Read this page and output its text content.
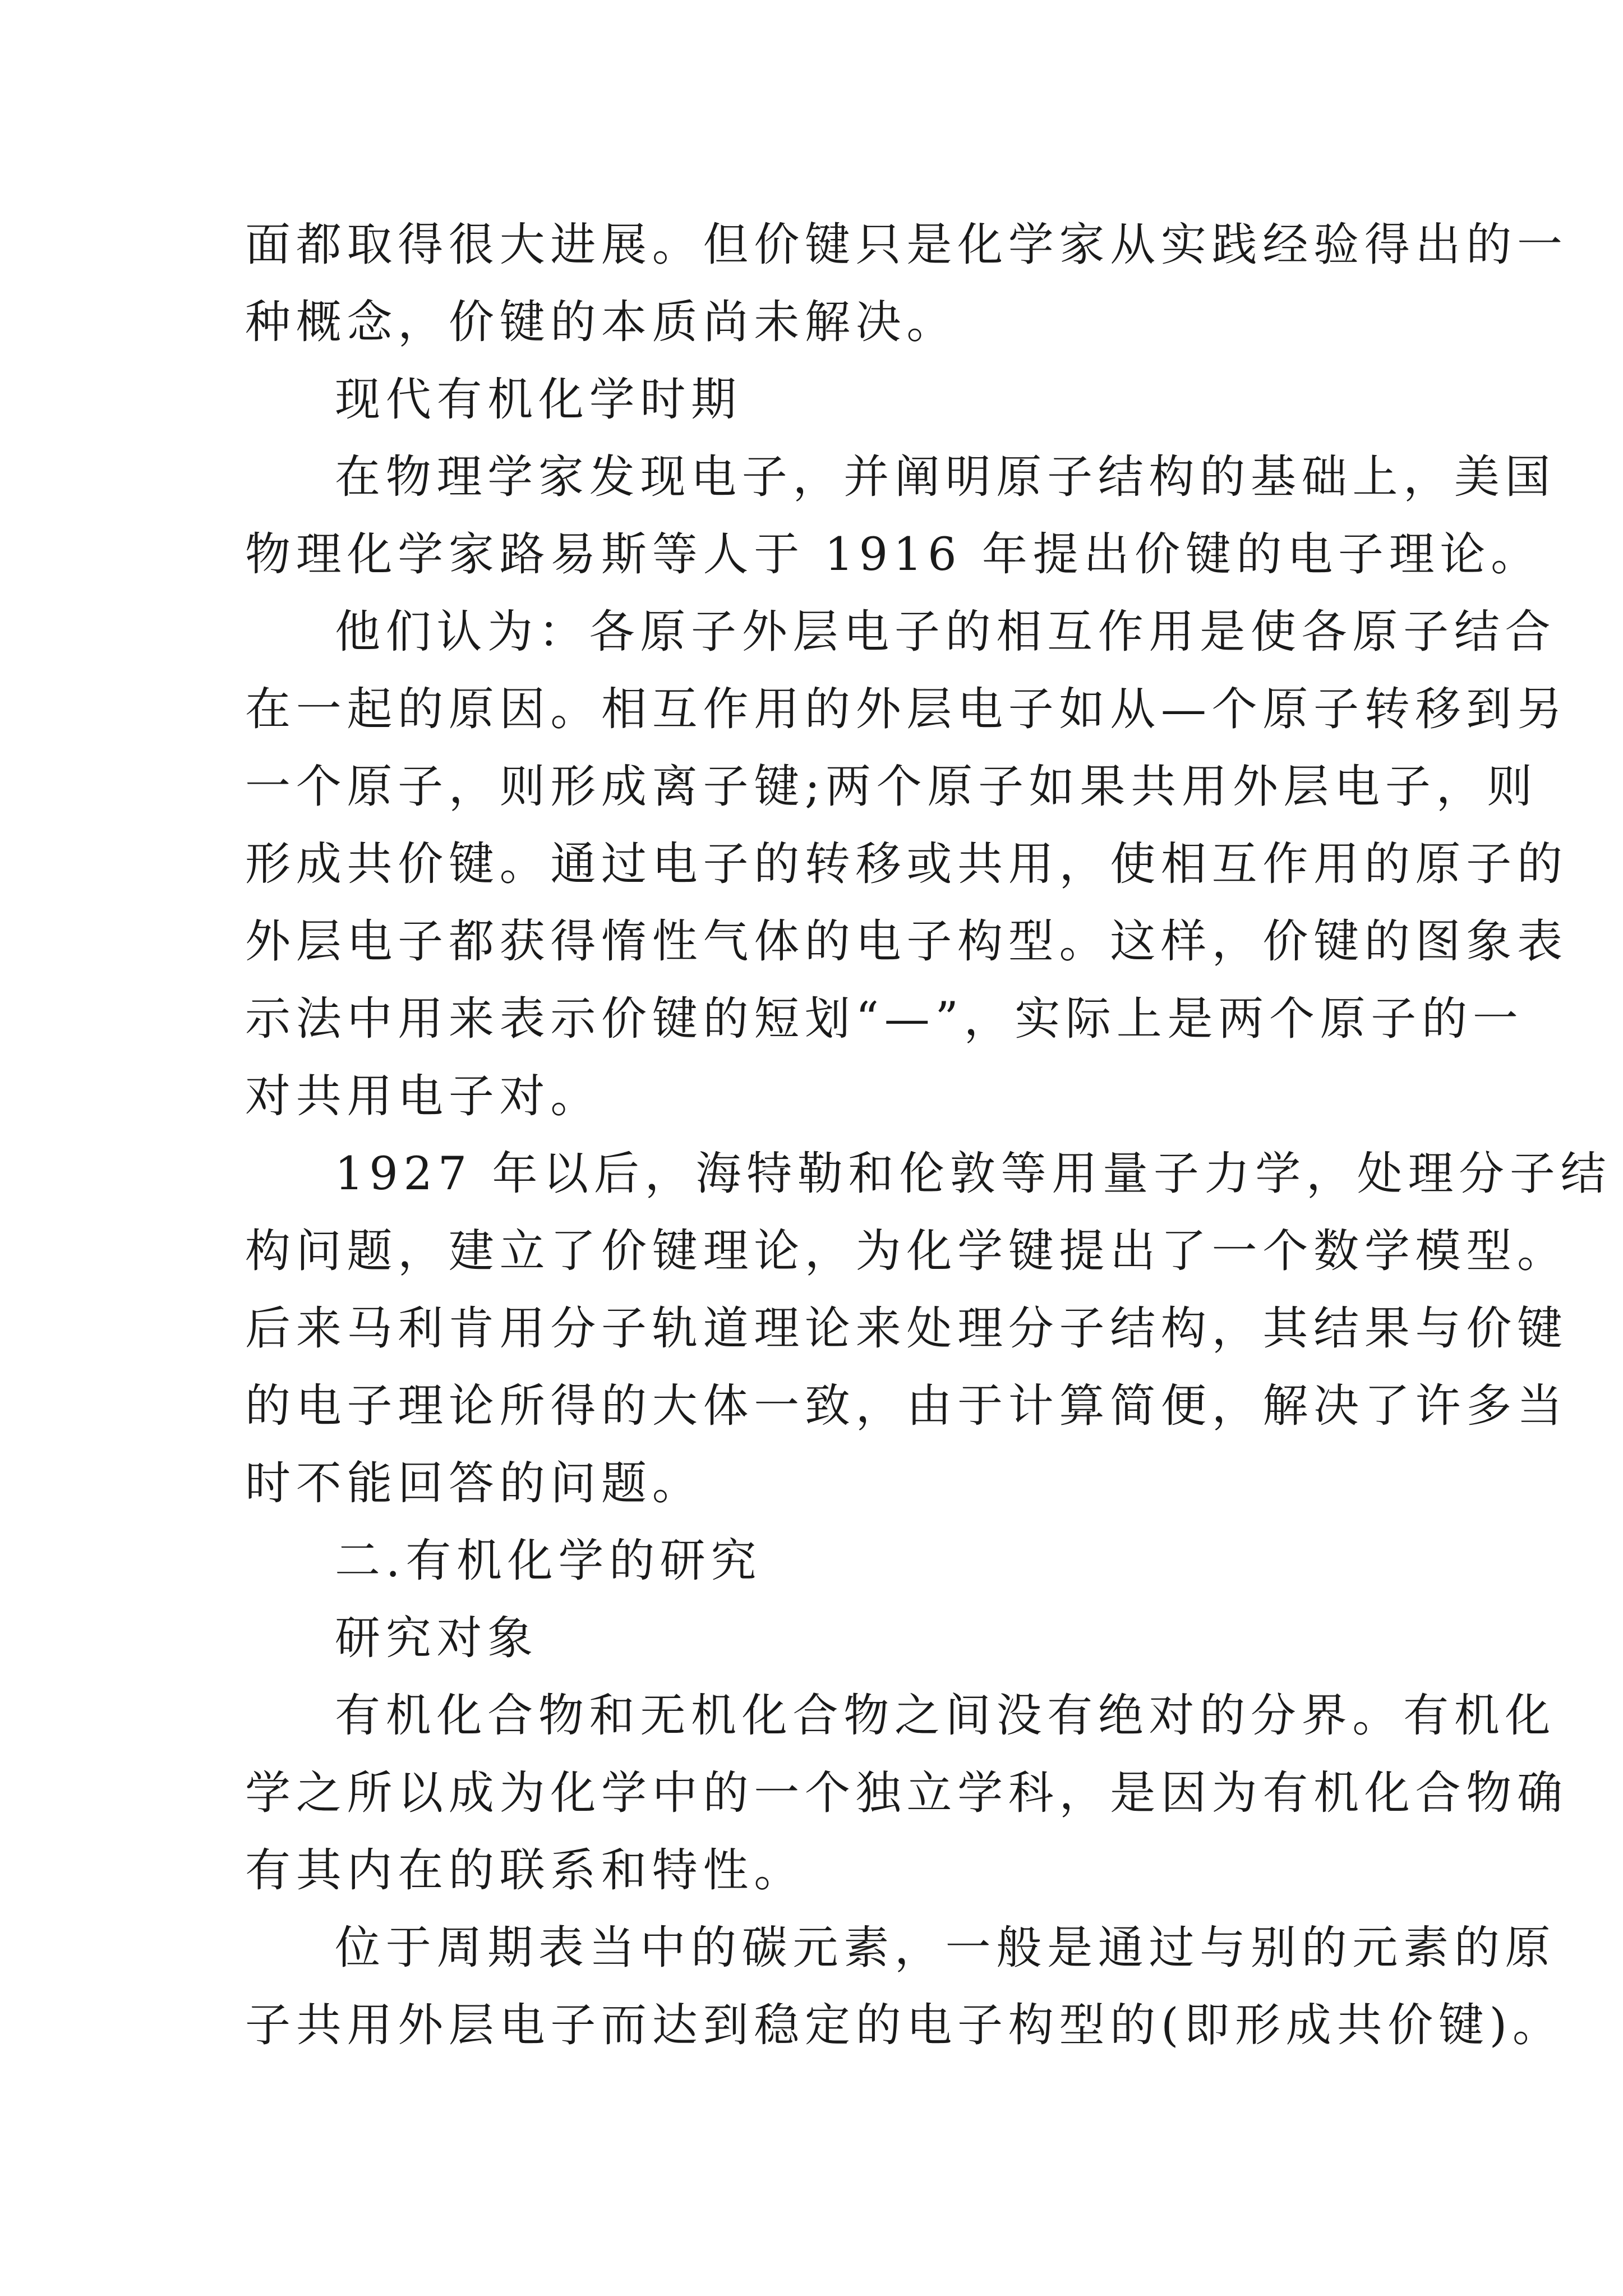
面都取得很大进展。但价键只是化学家从实践经验得出的一
种概念，价键的本质尚未解决。
现代有机化学时期
在物理学家发现电子，并阐明原子结构的基础上，美国
物理化学家路易斯等人于 1916 年提出价键的电子理论。
他们认为：各原子外层电子的相互作用是使各原子结合
在一起的原因。相互作用的外层电子如从—个原子转移到另
一个原子，则形成离子键;两个原子如果共用外层电子，则
形成共价键。通过电子的转移或共用，使相互作用的原子的
外层电子都获得惰性气体的电子构型。这样，价键的图象表
示法中用来表示价键的短划“—”，实际上是两个原子的一
对共用电子对。
1927 年以后，海特勒和伦敦等用量子力学，处理分子结
构问题，建立了价键理论，为化学键提出了一个数学模型。
后来马利肯用分子轨道理论来处理分子结构，其结果与价键
的电子理论所得的大体一致，由于计算简便，解决了许多当
时不能回答的问题。
二.有机化学的研究
研究对象
有机化合物和无机化合物之间没有绝对的分界。有机化
学之所以成为化学中的一个独立学科，是因为有机化合物确
有其内在的联系和特性。
位于周期表当中的碳元素，一般是通过与别的元素的原
子共用外层电子而达到稳定的电子构型的(即形成共价键)。
